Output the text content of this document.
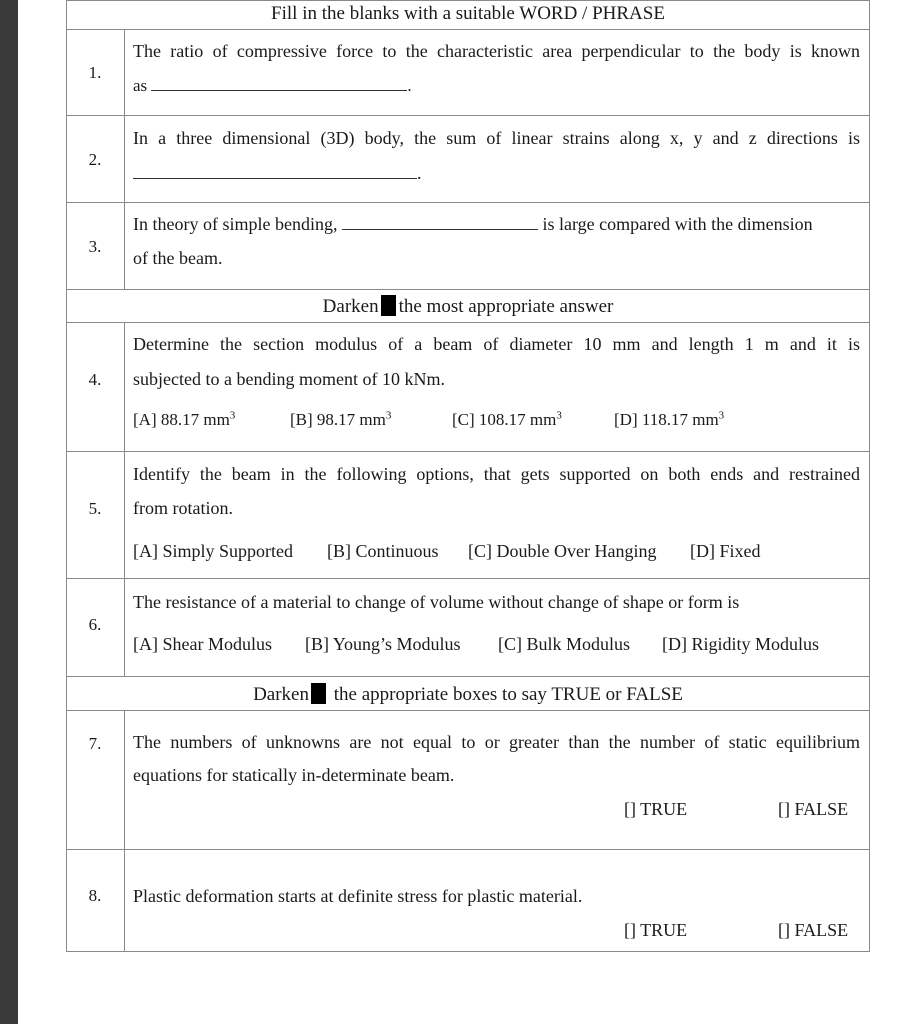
Fill in the blanks with a suitable WORD / PHRASE
1.
The ratio of compressive force to the characteristic area perpendicular to the body is known
as	.
2.
In a three dimensional (3D) body, the sum of linear strains along x, y and z directions is
.
3.
In theory of simple bending,	is large compared with the dimension
of the beam.
Darken the most appropriate answer
4.
Determine the section modulus of a beam of diameter 10 mm and length 1 m and it is
subjected to a bending moment of 10 kNm.
[A] 88.17 $mm^3$	[B] 98.17 $mm^3$	[C] 108.17 $mm^3$	[D] 118.17 $mm^3$
5.
Identify the beam in the following options, that gets supported on both ends and restrained
from rotation.
[A] Simply Supported [B] Continuous [C] Double Over Hanging [D] Fixed
6.
The resistance of a material to change of volume without change of shape or form is
[A] Shear Modulus [B] Young’s Modulus [C] Bulk Modulus [D] Rigidity Modulus
Darken the appropriate boxes to say TRUE or FALSE
7.	The numbers of unknowns are not equal to or greater than the number of static equilibrium
equations for statically in-determinate beam.
[] TRUE	[] FALSE
8.	Plastic deformation starts at definite stress for plastic material.
[] TRUE	[] FALSE
